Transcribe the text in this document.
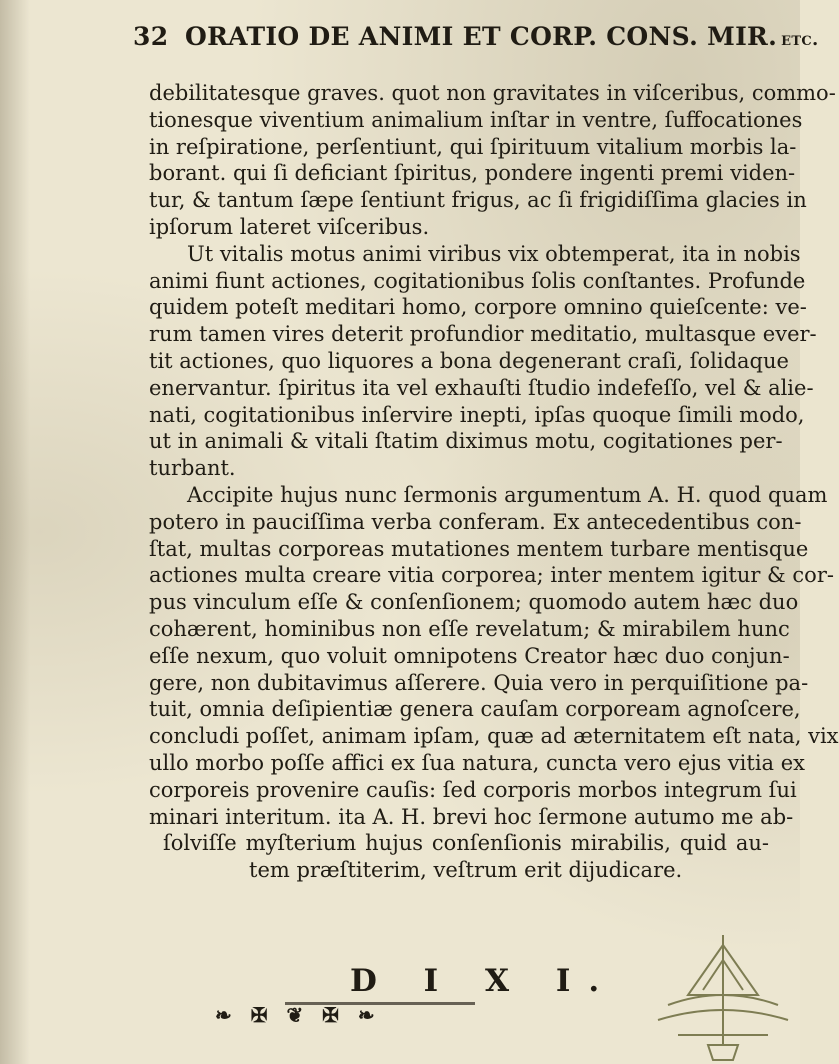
32 ORATIO DE ANIMI ET CORP. CONS. MIR. etc.
debilitatesque graves. quot non gravitates in viſceribus, commo-
tionesque viventium animalium inſtar in ventre, ſuffocationes
in reſpiratione, perſentiunt, qui ſpirituum vitalium morbis la-
borant. qui ſi deficiant ſpiritus, pondere ingenti premi viden-
tur, & tantum ſæpe ſentiunt frigus, ac ſi frigidiſſima glacies in
ipſorum lateret viſceribus.
Ut vitalis motus animi viribus vix obtemperat, ita in nobis
animi fiunt actiones, cogitationibus ſolis conſtantes. Profunde
quidem poteſt meditari homo, corpore omnino quieſcente: ve-
rum tamen vires deterit profundior meditatio, multasque ever-
tit actiones, quo liquores a bona degenerant craſi, ſolidaque
enervantur. ſpiritus ita vel exhauſti ſtudio indefeſſo, vel & alie-
nati, cogitationibus inſervire inepti, ipſas quoque ſimili modo,
ut in animali & vitali ſtatim diximus motu, cogitationes per-
turbant.
Accipite hujus nunc ſermonis argumentum A. H. quod quam
potero in pauciſſima verba conferam. Ex antecedentibus con-
ſtat, multas corporeas mutationes mentem turbare mentisque
actiones multa creare vitia corporea; inter mentem igitur & cor-
pus vinculum eſſe & conſenſionem; quomodo autem hæc duo
cohærent, hominibus non eſſe revelatum; & mirabilem hunc
eſſe nexum, quo voluit omnipotens Creator hæc duo conjun-
gere, non dubitavimus aſſerere. Quia vero in perquiſitione pa-
tuit, omnia deſipientiæ genera cauſam corpoream agnoſcere,
concludi poſſet, animam ipſam, quæ ad æternitatem eſt nata, vix
ullo morbo poſſe affici ex ſua natura, cuncta vero ejus vitia ex
corporeis provenire cauſis: ſed corporis morbos integrum ſui
minari interitum. ita A. H. brevi hoc ſermone autumo me ab-
ſolviſſe myſterium hujus conſenſionis mirabilis, quid au-
tem præſtiterim, veſtrum erit dijudicare.
D I X I.
❧ ✠ ❦ ✠ ❧
